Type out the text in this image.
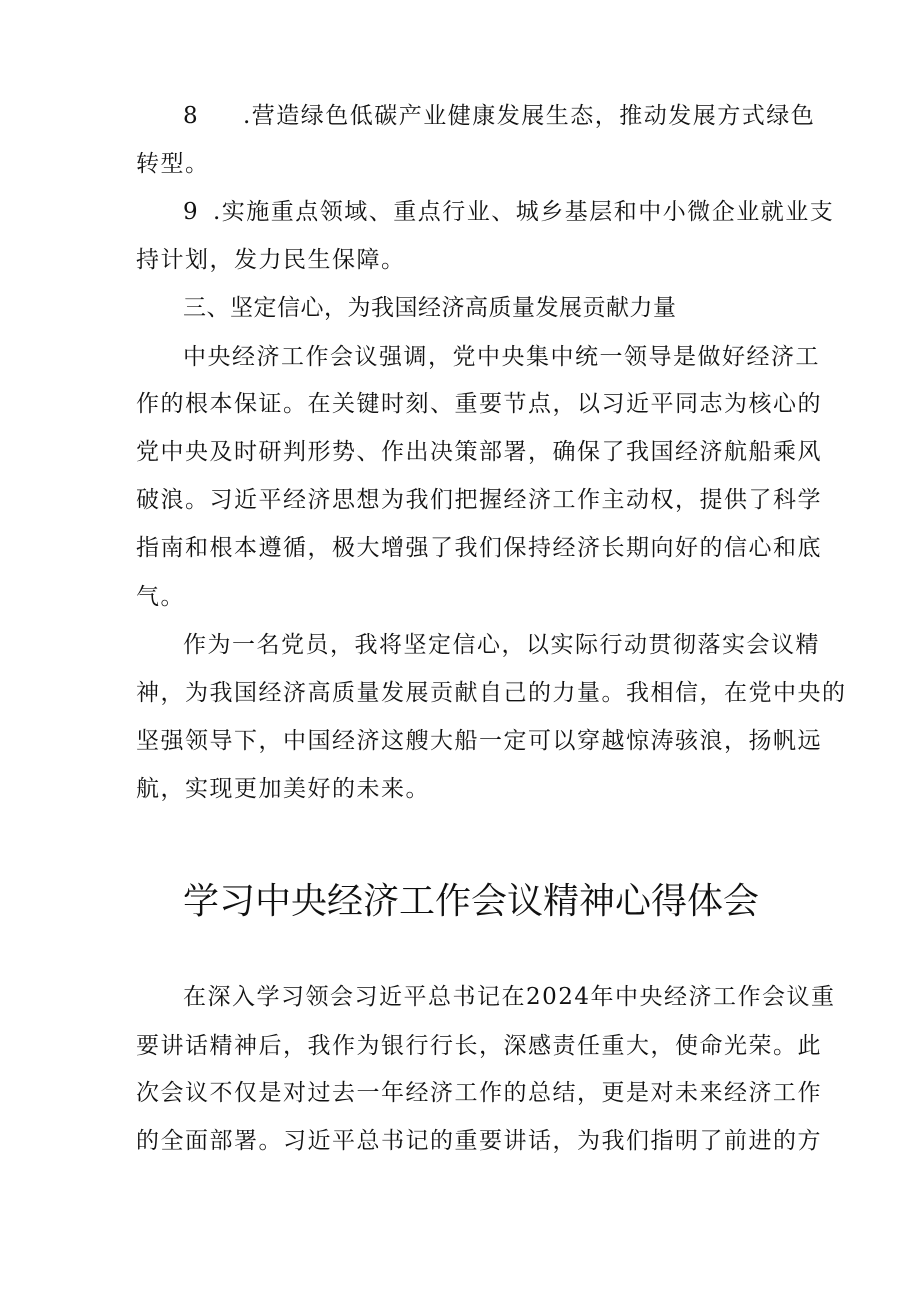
8 .营造绿色低碳产业健康发展生态，推动发展方式绿色
转型。
9 .实施重点领域、重点行业、城乡基层和中小微企业就业支
持计划，发力民生保障。
三、坚定信心，为我国经济高质量发展贡献力量
中央经济工作会议强调，党中央集中统一领导是做好经济工
作的根本保证。在关键时刻、重要节点，以习近平同志为核心的
党中央及时研判形势、作出决策部署，确保了我国经济航船乘风
破浪。习近平经济思想为我们把握经济工作主动权，提供了科学
指南和根本遵循，极大增强了我们保持经济长期向好的信心和底
气。
作为一名党员，我将坚定信心，以实际行动贯彻落实会议精
神，为我国经济高质量发展贡献自己的力量。我相信，在党中央的
坚强领导下，中国经济这艘大船一定可以穿越惊涛骇浪，扬帆远
航，实现更加美好的未来。
学习中央经济工作会议精神心得体会
在深入学习领会习近平总书记在2024年中央经济工作会议重
要讲话精神后，我作为银行行长，深感责任重大，使命光荣。此
次会议不仅是对过去一年经济工作的总结，更是对未来经济工作
的全面部署。习近平总书记的重要讲话，为我们指明了前进的方
